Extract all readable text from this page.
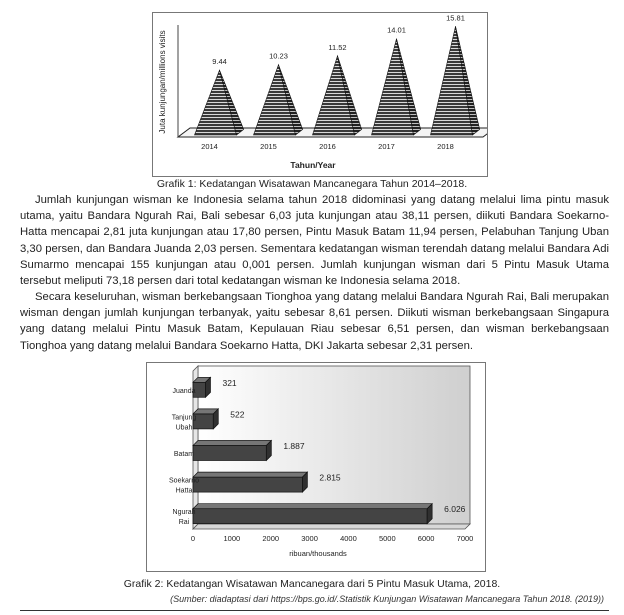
9.44
2014
10.23
2015
11.52
2016
14.01
2017
15.81
2018
Tahun/Year
Juta kunjungan/millions visits
Grafik 1: Kedatangan Wisatawan Mancanegara Tahun 2014–2018.

Jumlah kunjungan wisman ke Indonesia selama tahun 2018 didominasi yang datang melalui lima pintu masuk utama, yaitu Bandara Ngurah Rai, Bali sebesar 6,03 juta kunjungan atau 38,11 persen, diikuti Bandara Soekarno-Hatta mencapai 2,81 juta kunjungan atau 17,80 persen, Pintu Masuk Batam 11,94 persen, Pelabuhan Tanjung Uban 3,30 persen, dan Bandara Juanda 2,03 persen. Sementara kedatangan wisman terendah datang melalui Bandara Adi Sumarmo mencapai 155 kunjungan atau 0,001 persen. Jumlah kunjungan wisman dari 5 Pintu Masuk Utama tersebut meliputi 73,18 persen dari total kedatangan wisman ke Indonesia selama 2018.

Secara keseluruhan, wisman berkebangsaan Tionghoa yang datang melalui Bandara Ngurah Rai, Bali merupakan wisman dengan jumlah kunjungan terbanyak, yaitu sebesar 8,61 persen. Diikuti wisman berkebangsaan Singapura yang datang melalui Pintu Masuk Batam, Kepulauan Riau sebesar 6,51 persen, dan wisman berkebangsaan Tionghoa yang datang melalui Bandara Soekarno Hatta, DKI Jakarta sebesar 2,31 persen.

321
Juanda
522
Tanjung
Ubah
1.887
Batam
2.815
Soekarno
Hatta
6.026
Ngurah
Rai
0	1000	2000	3000	4000	5000	6000	7000
ribuan/thousands
Grafik 2: Kedatangan Wisatawan Mancanegara dari 5 Pintu Masuk Utama, 2018.
(Sumber: diadaptasi dari https://bps.go.id/.Statistik Kunjungan Wisatawan Mancanegara Tahun 2018. (2019))
